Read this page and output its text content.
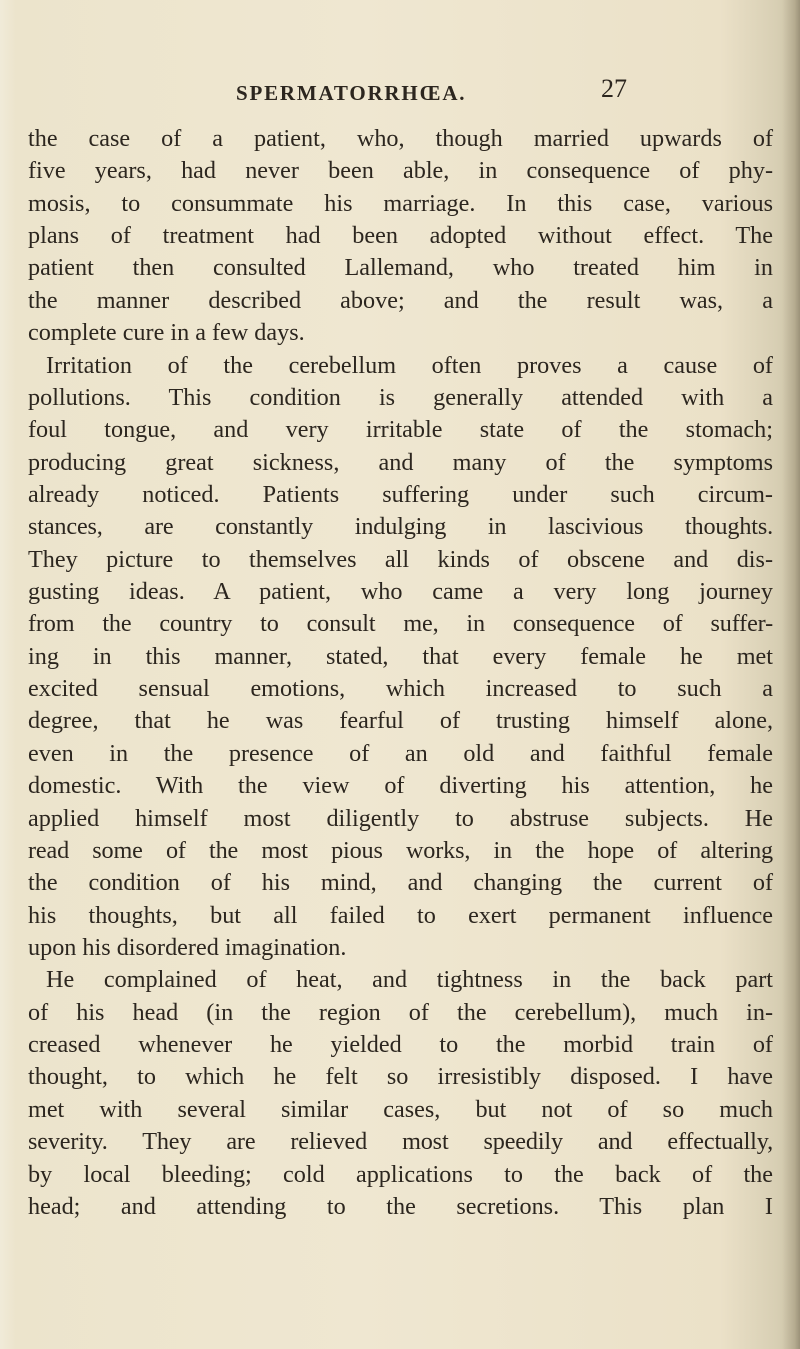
SPERMATORRHŒA.	27
the case of a patient, who, though married upwards of
five years, had never been able, in consequence of phy-
mosis, to consummate his marriage. In this case, various
plans of treatment had been adopted without effect. The
patient then consulted Lallemand, who treated him in
the manner described above; and the result was, a
complete cure in a few days.
Irritation of the cerebellum often proves a cause of
pollutions. This condition is generally attended with a
foul tongue, and very irritable state of the stomach;
producing great sickness, and many of the symptoms
already noticed. Patients suffering under such circum-
stances, are constantly indulging in lascivious thoughts.
They picture to themselves all kinds of obscene and dis-
gusting ideas. A patient, who came a very long journey
from the country to consult me, in consequence of suffer-
ing in this manner, stated, that every female he met
excited sensual emotions, which increased to such a
degree, that he was fearful of trusting himself alone,
even in the presence of an old and faithful female
domestic. With the view of diverting his attention, he
applied himself most diligently to abstruse subjects. He
read some of the most pious works, in the hope of altering
the condition of his mind, and changing the current of
his thoughts, but all failed to exert permanent influence
upon his disordered imagination.
He complained of heat, and tightness in the back part
of his head (in the region of the cerebellum), much in-
creased whenever he yielded to the morbid train of
thought, to which he felt so irresistibly disposed. I have
met with several similar cases, but not of so much
severity. They are relieved most speedily and effectually,
by local bleeding; cold applications to the back of the
head; and attending to the secretions. This plan I
